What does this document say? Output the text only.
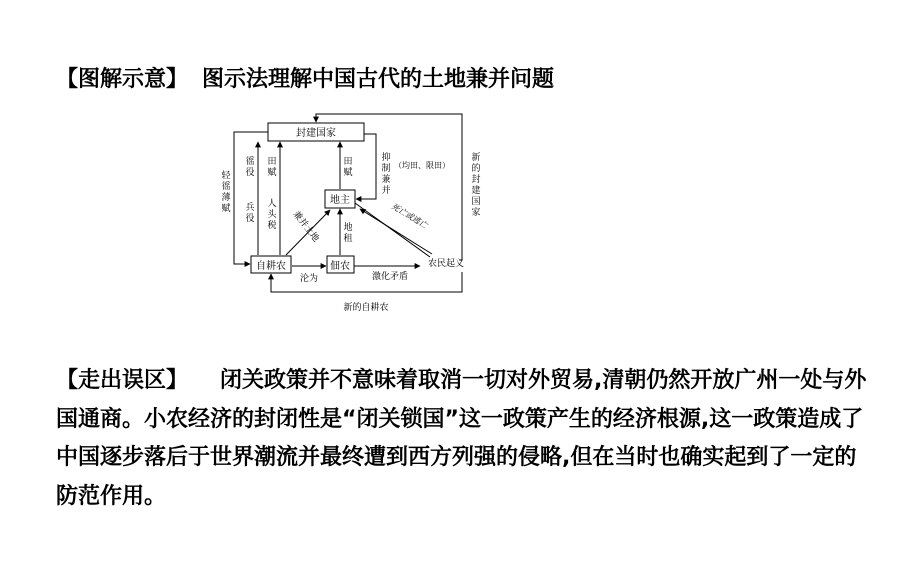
【图解示意】 图示法理解中国古代的土地兼并问题
封建国家
地主
自耕农	佃农	农民起义
轻
徭
薄
赋
徭
役
兵
役
田
赋
人
头
税
田
赋
抑
制
兼
并
（均田、限田）
新
的
封
建
国
家
地
租
兼并土地	死亡或逃亡
沦为	激化矛盾
新的自耕农
【走出误区】 闭关政策并不意味着取消一切对外贸易,清朝仍然开放广州一处与外国通商。小农经济的封闭性是“闭关锁国”这一政策产生的经济根源,这一政策造成了中国逐步落后于世界潮流并最终遭到西方列强的侵略,但在当时也确实起到了一定的防范作用。
